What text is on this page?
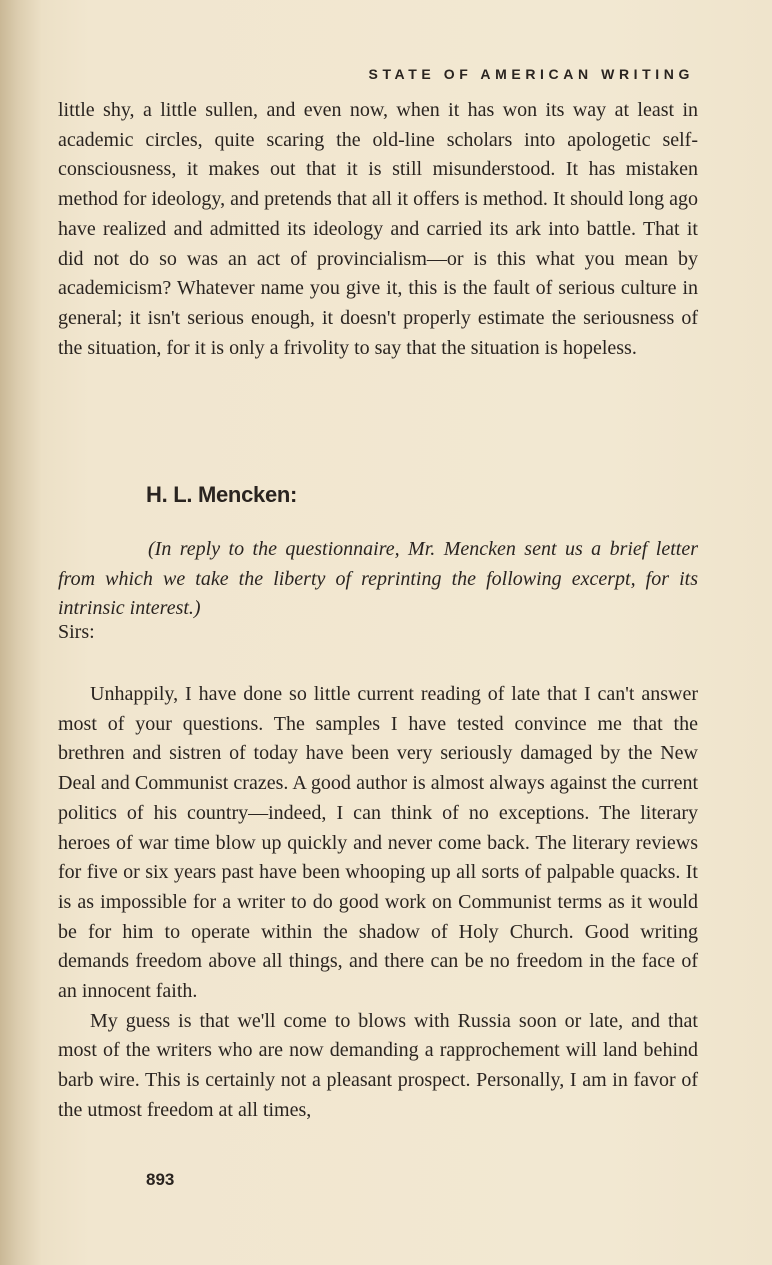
STATE OF AMERICAN WRITING

little shy, a little sullen, and even now, when it has won its way at least in academic circles, quite scaring the old-line scholars into apologetic self-consciousness, it makes out that it is still misunderstood. It has mistaken method for ideology, and pretends that all it offers is method. It should long ago have realized and admitted its ideology and carried its ark into battle. That it did not do so was an act of provincialism—or is this what you mean by academicism? Whatever name you give it, this is the fault of serious culture in general; it isn't serious enough, it doesn't properly estimate the seriousness of the situation, for it is only a frivolity to say that the situation is hopeless.

H. L. Mencken:

(In reply to the questionnaire, Mr. Mencken sent us a brief letter from which we take the liberty of reprinting the following excerpt, for its intrinsic interest.)

Sirs:

Unhappily, I have done so little current reading of late that I can't answer most of your questions. The samples I have tested convince me that the brethren and sistren of today have been very seriously damaged by the New Deal and Communist crazes. A good author is almost always against the current politics of his country—indeed, I can think of no exceptions. The literary heroes of war time blow up quickly and never come back. The literary reviews for five or six years past have been whooping up all sorts of palpable quacks. It is as impossible for a writer to do good work on Communist terms as it would be for him to operate within the shadow of Holy Church. Good writing demands freedom above all things, and there can be no freedom in the face of an innocent faith.

My guess is that we'll come to blows with Russia soon or late, and that most of the writers who are now demanding a rapprochement will land behind barb wire. This is certainly not a pleasant prospect. Personally, I am in favor of the utmost freedom at all times,

893
